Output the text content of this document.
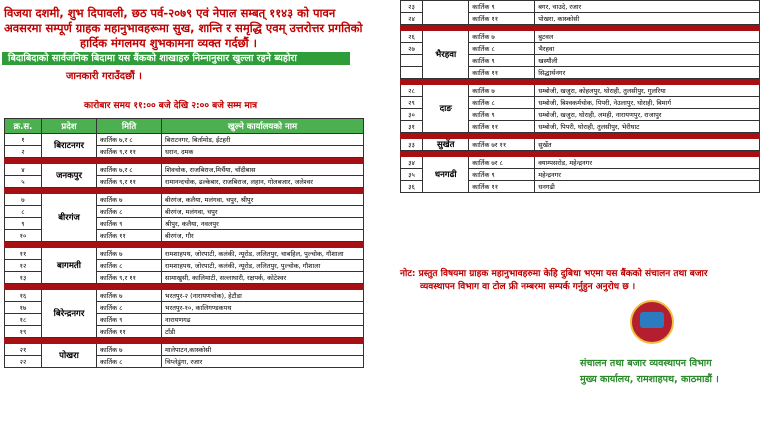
विजया दशमी, शुभ दिपावली, छठ पर्व-२०७९ एवं नेपाल सम्बत् ११४३ को पावन
अवसरमा सम्पूर्ण ग्राहक महानुभावहरूमा सुख, शान्ति र समृद्धि एवम् उत्तरोत्तर प्रगतिको
हार्दिक मंगलमय शुभकामना व्यक्त गर्दछौं ।
बिदाबिदाको सार्वजनिक बिदामा यस बैंकको शाखाहरु निम्नानुसार खुल्ला रहने ब्यहोरा
जानकारी गराउँदछौं ।
कारोबार समय ११:०० बजे देखि २:०० बजे सम्म मात्र
क्र.स.	प्रदेश	मिति	खुल्ने कार्यालयको नाम
१	बिराटनगर	कार्तिक ७,र ८	बिराटनगर, बिर्तामोड, ईटहरी
२		कार्तिक ९,र ११	धरान, दमक

४	जनकपुर	कार्तिक ७,र ८	शिवचोक, राजबिराज,मिर्चैया, चाँदीबास
५		कार्तिक ९,र ११	रामानन्दचोक, ढल्केबार, राजबिराज, लहान, गोलबजार, जलेश्वर

७	बीरगंज	कार्तिक ७	बीरगंज, कलैया, मलंगवा, चपुर, श्रीपुर
८		कार्तिक ८	बीरगंज, मलंगवा, चपुर
९		कार्तिक ९	श्रीपुर, कलैया, नवलपुर
१०		कार्तिक ११	बीरगंज, गौर

११	बागमती	कार्तिक ७	रामशाहपथ, जोरपाटी, कलंकी, न्यूरोड, ललितपुर, चाबहिल, पुल्चोक, गौशाला
१२		कार्तिक ८	रामशाहपथ, जोरपाटी, कलंकी, न्यूरोड, ललितपुर, पुल्चोक, गौशाला
१३		कार्तिक ९,र ११	सामाखुसी, कालिमाटी, सल्लाघारी, रक्षपर्क, कोटेश्वर

१६	बिरेन्द्रनगर	कार्तिक ७	भरतपुर-२ (नारायणचोक), हेटौडा
१७		कार्तिक ८	भरतपुर-१०, कालिगण्डकपथ
१८		कार्तिक ९	नारायणगढ
१९		कार्तिक ११	टाँडी

२१	पोखरा	कार्तिक ७	मालेपाटन,कास्कोसी
२२		कार्तिक ८	चिप्लेढुंगा, रजार
२३		कार्तिक ९	बगर, चाउदे, रजार
२४		कार्तिक ११	पोखरा, कास्कोसी

२६	भैरहवा	कार्तिक ७	बुटवल
२७		कार्तिक ८	भैरहवा
		कार्तिक ९	खस्यौली
		कार्तिक ११	सिद्धार्थनगर

२८	दाङ	कार्तिक ७	धम्बोजी, खजुरा, कोहलपुर, घोराही, तुलसीपुर, गुलरिया
२९		कार्तिक ८	धम्बोजी, बिश्वकर्मचोक, पिपरी, नेउलापुर, घोराही, बिमार्ग
३०		कार्तिक ९	धम्बोजी, खजुरा, घोराही, लमही, नारायणपुर, राजापुर
३१		कार्तिक ११	धम्बोजी, पिपरी, घोराही, तुलसीपुर, भेरीघाट

३३	सुर्खेत	कार्तिक ७र ११	सुर्खेत

३४	धनगढी	कार्तिक ७र ८	क्याम्पसरोड, महेन्द्रनगर
३५		कार्तिक ९	महेन्द्रनगर
३६		कार्तिक ११	धनगढी
नोट: प्रस्तुत विषयमा ग्राहक महानुभावहरुमा केहि दुबिधा भएमा यस बैंकको संचालन तथा बजार
व्यवस्थापन विभाग वा टोल फ्री नम्बरमा सम्पर्क गर्नुहुन अनुरोध छ ।
संचालन तथा बजार व्यवस्थापन विभाग
मुख्य कार्यालय, रामशाहपथ, काठमाडौं ।
